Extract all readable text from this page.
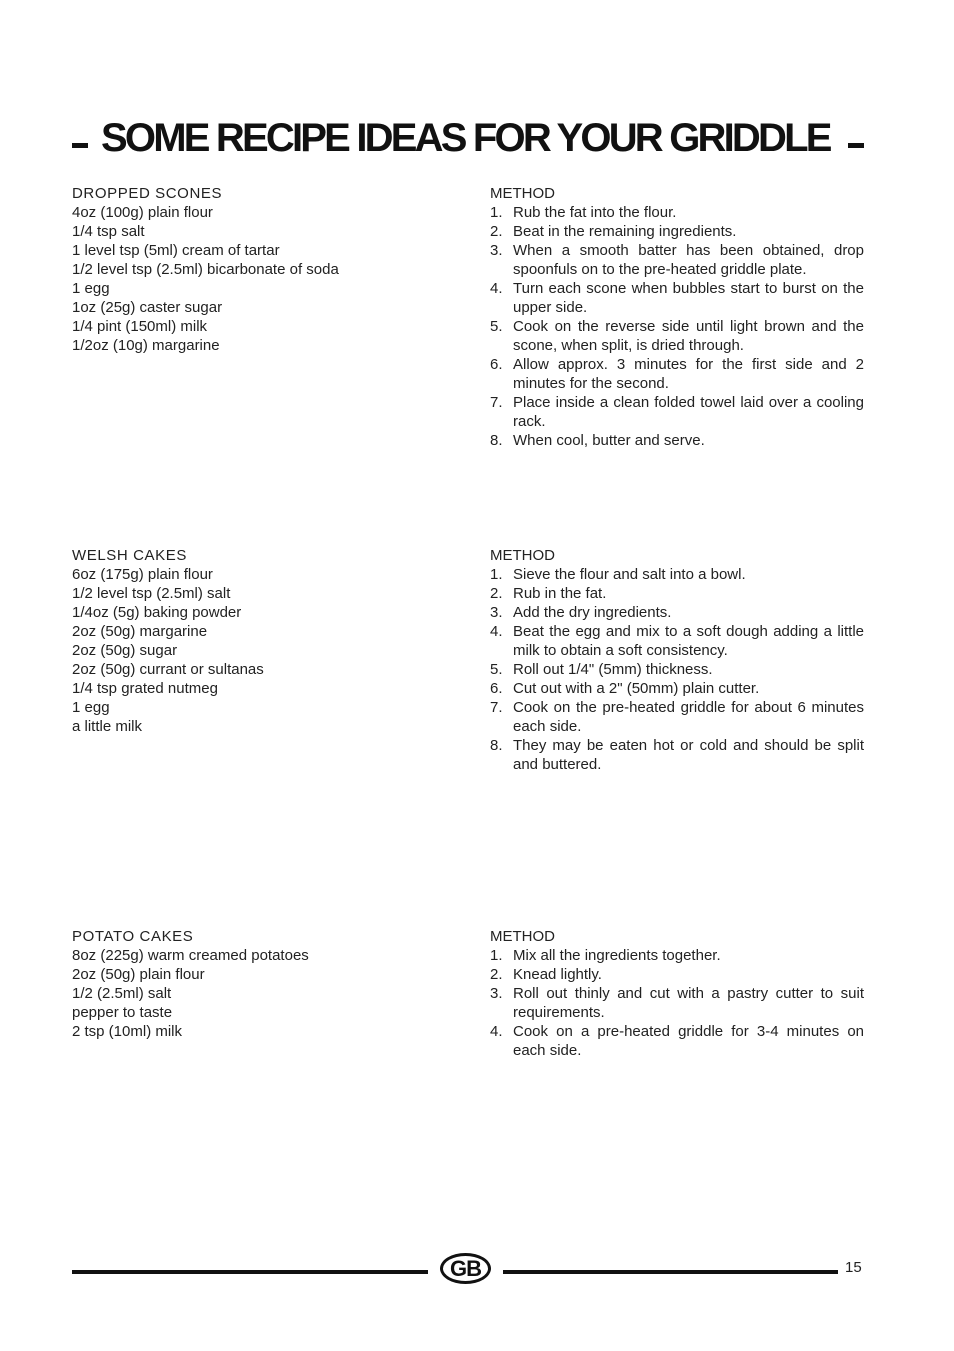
SOME RECIPE IDEAS FOR YOUR GRIDDLE
DROPPED SCONES
4oz (100g) plain flour
1/4 tsp salt
1 level tsp (5ml) cream of tartar
1/2 level tsp (2.5ml) bicarbonate of soda
1 egg
1oz (25g) caster sugar
1/4 pint (150ml) milk
1/2oz (10g) margarine
METHOD
1. Rub the fat into the flour.
2. Beat in the remaining ingredients.
3. When a smooth batter has been obtained, drop spoonfuls on to the pre-heated griddle plate.
4. Turn each scone when bubbles start to burst on the upper side.
5. Cook on the reverse side until light brown and the scone, when split, is dried through.
6. Allow approx. 3 minutes for the first side and 2 minutes for the second.
7. Place inside a clean folded towel laid over a cooling rack.
8. When cool, butter and serve.
WELSH CAKES
6oz (175g) plain flour
1/2 level tsp (2.5ml) salt
1/4oz (5g) baking powder
2oz (50g) margarine
2oz (50g) sugar
2oz (50g) currant or sultanas
1/4 tsp grated nutmeg
1 egg
a little milk
METHOD
1. Sieve the flour and salt into a bowl.
2. Rub in the fat.
3. Add the dry ingredients.
4. Beat the egg and mix to a soft dough adding a little milk to obtain a soft consistency.
5. Roll out 1/4" (5mm) thickness.
6. Cut out with a 2" (50mm) plain cutter.
7. Cook on the pre-heated griddle for about 6 minutes each side.
8. They may be eaten hot or cold and should be split and buttered.
POTATO CAKES
8oz (225g) warm creamed potatoes
2oz (50g) plain flour
1/2 (2.5ml) salt
pepper to taste
2 tsp (10ml) milk
METHOD
1. Mix all the ingredients together.
2. Knead lightly.
3. Roll out thinly and cut with a pastry cutter to suit requirements.
4. Cook on a pre-heated griddle for 3-4 minutes on each side.
GB	15
